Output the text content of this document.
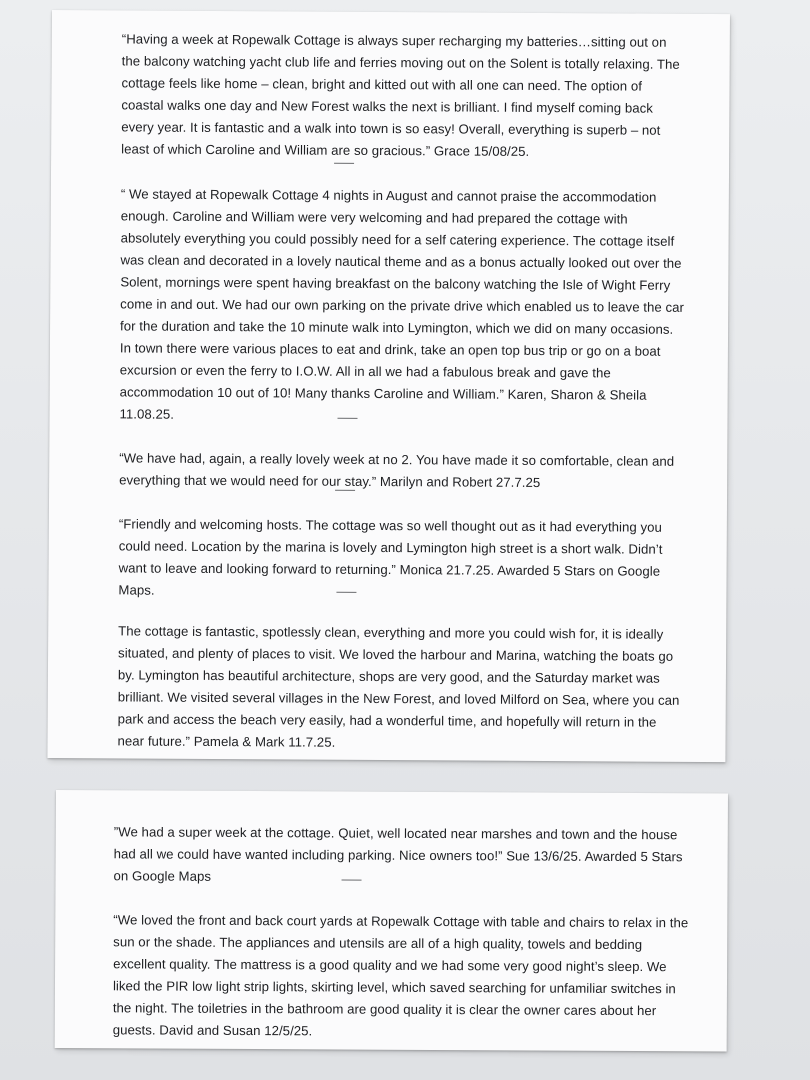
“Having a week at Ropewalk Cottage is always super recharging my batteries…sitting out on the balcony watching yacht club life and ferries moving out on the Solent is totally relaxing. The cottage feels like home – clean, bright and kitted out with all one can need. The option of coastal walks one day and New Forest walks the next is brilliant. I find myself coming back every year. It is fantastic and a walk into town is so easy! Overall, everything is superb – not least of which Caroline and William are so gracious.” Grace 15/08/25.

“ We stayed at Ropewalk Cottage 4 nights in August and cannot praise the accommodation enough. Caroline and William were very welcoming and had prepared the cottage with absolutely everything you could possibly need for a self catering experience. The cottage itself was clean and decorated in a lovely nautical theme and as a bonus actually looked out over the Solent, mornings were spent having breakfast on the balcony watching the Isle of Wight Ferry come in and out. We had our own parking on the private drive which enabled us to leave the car for the duration and take the 10 minute walk into Lymington, which we did on many occasions. In town there were various places to eat and drink, take an open top bus trip or go on a boat excursion or even the ferry to I.O.W. All in all we had a fabulous break and gave the accommodation 10 out of 10! Many thanks Caroline and William.” Karen, Sharon & Sheila 11.08.25.

“We have had, again, a really lovely week at no 2. You have made it so comfortable, clean and everything that we would need for our stay.” Marilyn and Robert 27.7.25

“Friendly and welcoming hosts. The cottage was so well thought out as it had everything you could need. Location by the marina is lovely and Lymington high street is a short walk. Didn’t want to leave and looking forward to returning.” Monica 21.7.25. Awarded 5 Stars on Google Maps.

The cottage is fantastic, spotlessly clean, everything and more you could wish for, it is ideally situated, and plenty of places to visit. We loved the harbour and Marina, watching the boats go by. Lymington has beautiful architecture, shops are very good, and the Saturday market was brilliant. We visited several villages in the New Forest, and loved Milford on Sea, where you can park and access the beach very easily, had a wonderful time, and hopefully will return in the near future.” Pamela & Mark 11.7.25.

”We had a super week at the cottage. Quiet, well located near marshes and town and the house had all we could have wanted including parking. Nice owners too!” Sue 13/6/25. Awarded 5 Stars on Google Maps

“We loved the front and back court yards at Ropewalk Cottage with table and chairs to relax in the sun or the shade. The appliances and utensils are all of a high quality, towels and bedding excellent quality. The mattress is a good quality and we had some very good night’s sleep. We liked the PIR low light strip lights, skirting level, which saved searching for unfamiliar switches in the night. The toiletries in the bathroom are good quality it is clear the owner cares about her guests. David and Susan 12/5/25.
